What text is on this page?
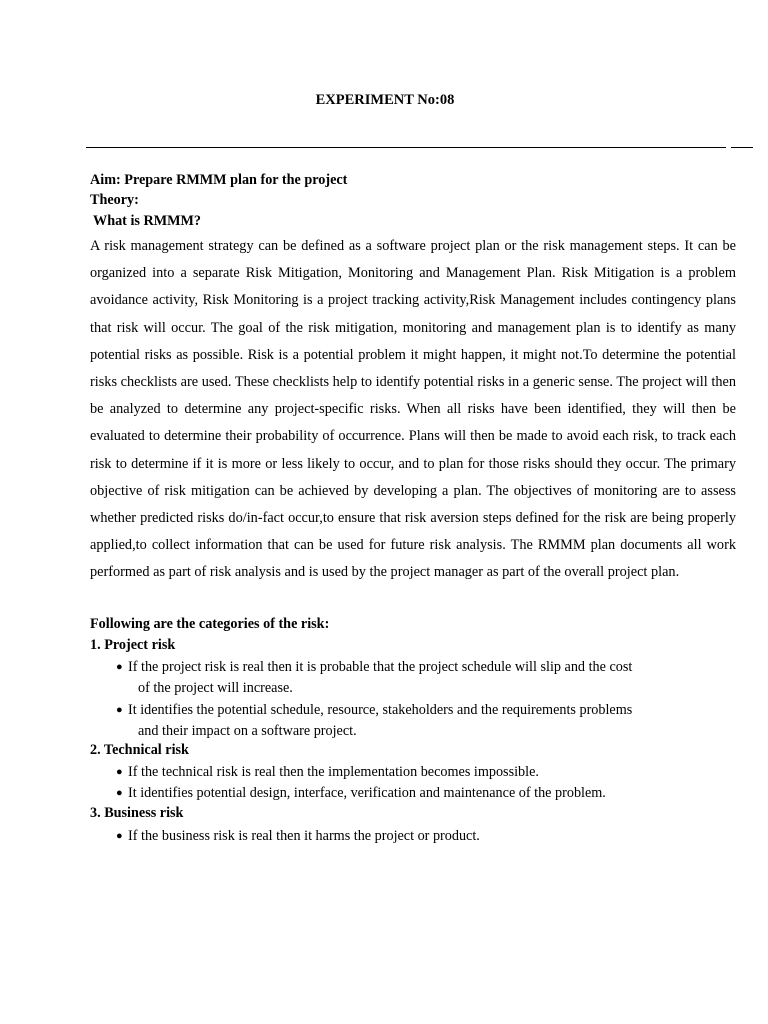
EXPERIMENT No:08
Aim: Prepare RMMM plan for the project
Theory:
What is RMMM?
A risk management strategy can be defined as a software project plan or the risk management steps. It can be organized into a separate Risk Mitigation, Monitoring and Management Plan. Risk Mitigation is a problem avoidance activity, Risk Monitoring is a project tracking activity,Risk Management includes contingency plans that risk will occur. The goal of the risk mitigation, monitoring and management plan is to identify as many potential risks as possible. Risk is a potential problem it might happen, it might not.To determine the potential risks checklists are used. These checklists help to identify potential risks in a generic sense. The project will then be analyzed to determine any project-specific risks. When all risks have been identified, they will then be evaluated to determine their probability of occurrence. Plans will then be made to avoid each risk, to track each risk to determine if it is more or less likely to occur, and to plan for those risks should they occur. The primary objective of risk mitigation can be achieved by developing a plan. The objectives of monitoring are to assess whether predicted risks do/in-fact occur,to ensure that risk aversion steps defined for the risk are being properly applied,to collect information that can be used for future risk analysis. The RMMM plan documents all work performed as part of risk analysis and is used by the project manager as part of the overall project plan.
Following are the categories of the risk:
1. Project risk
● If the project risk is real then it is probable that the project schedule will slip and the cost
of the project will increase.
● It identifies the potential schedule, resource, stakeholders and the requirements problems
and their impact on a software project.
2. Technical risk
● If the technical risk is real then the implementation becomes impossible.
● It identifies potential design, interface, verification and maintenance of the problem.
3. Business risk
● If the business risk is real then it harms the project or product.
